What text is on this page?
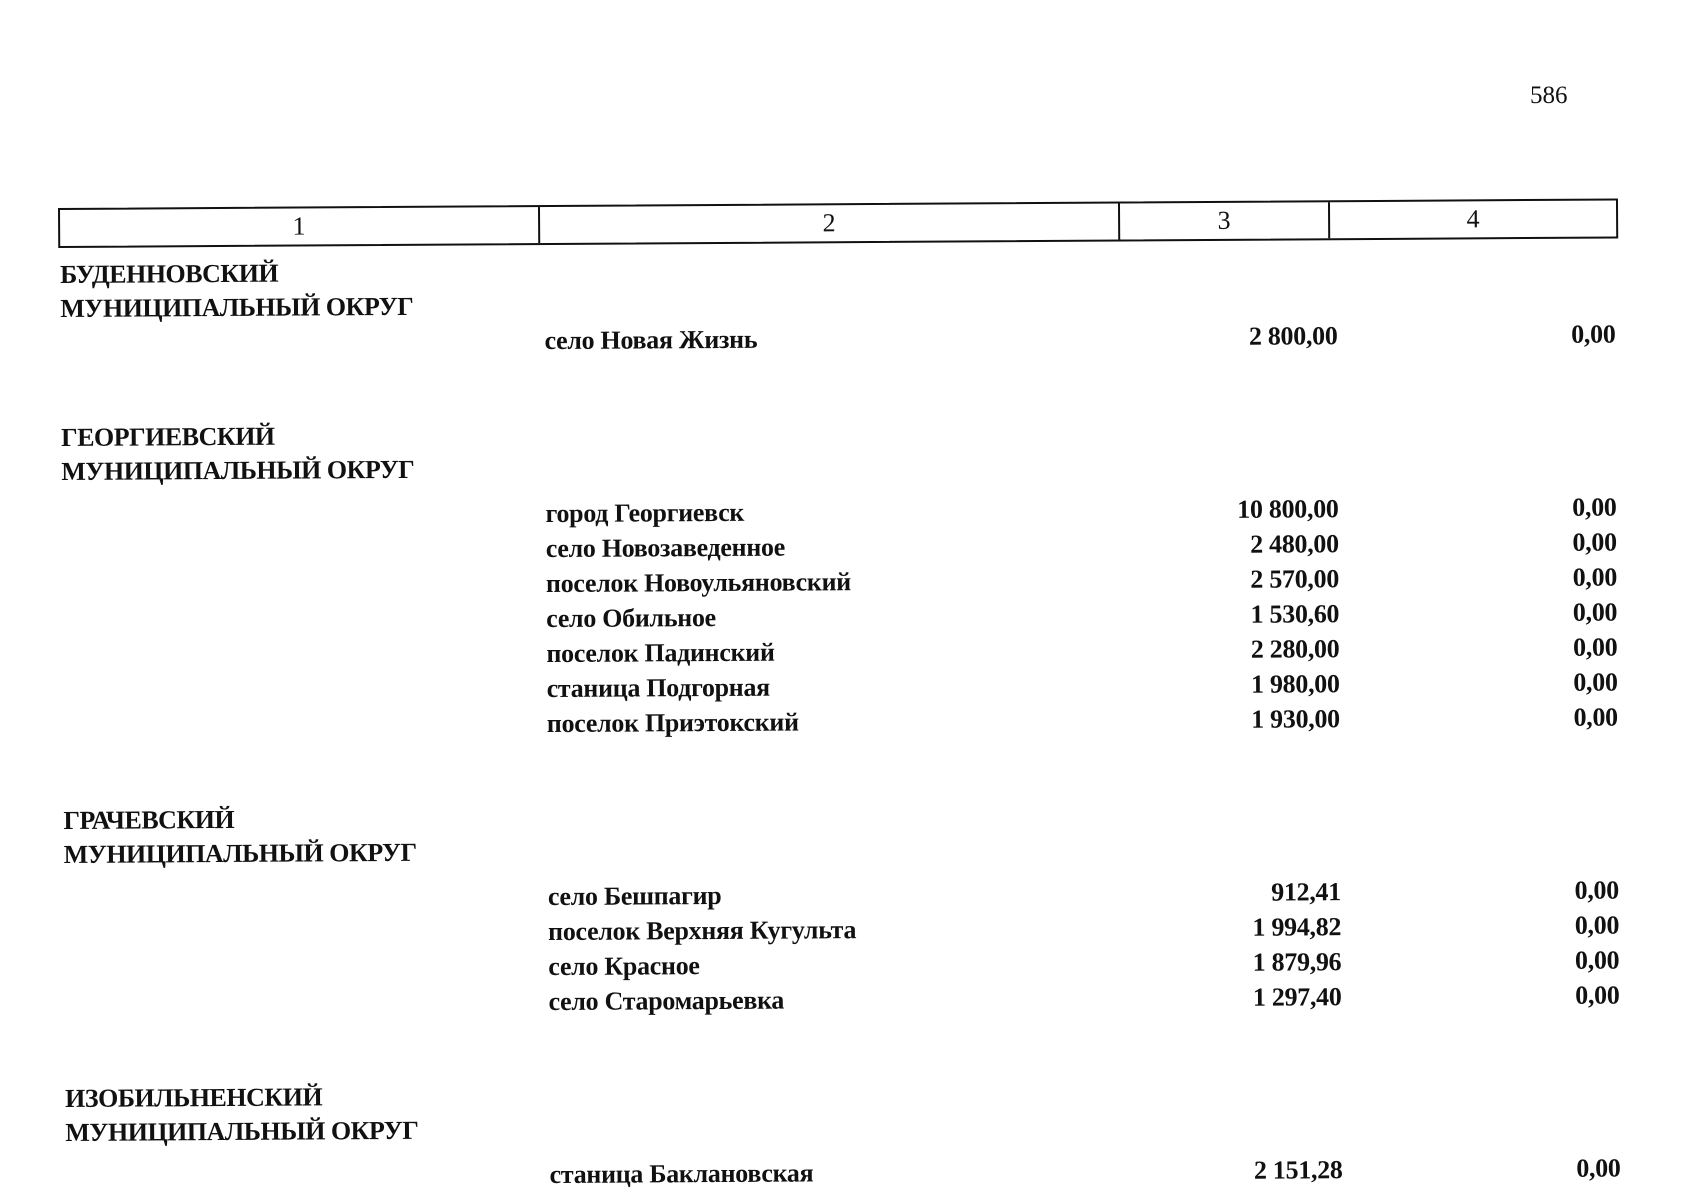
586
1	2	3	4
БУДЕННОВСКИЙ
МУНИЦИПАЛЬНЫЙ ОКРУГ
село Новая Жизнь	2 800,00	0,00
ГЕОРГИЕВСКИЙ
МУНИЦИПАЛЬНЫЙ ОКРУГ
город Георгиевск	10 800,00	0,00
село Новозаведенное	2 480,00	0,00
поселок Новоульяновский	2 570,00	0,00
село Обильное	1 530,60	0,00
поселок Падинский	2 280,00	0,00
станица Подгорная	1 980,00	0,00
поселок Приэтокский	1 930,00	0,00
ГРАЧЕВСКИЙ
МУНИЦИПАЛЬНЫЙ ОКРУГ
село Бешпагир	912,41	0,00
поселок Верхняя Кугульта	1 994,82	0,00
село Красное	1 879,96	0,00
село Старомарьевка	1 297,40	0,00
ИЗОБИЛЬНЕНСКИЙ
МУНИЦИПАЛЬНЫЙ ОКРУГ
станица Баклановская	2 151,28	0,00
